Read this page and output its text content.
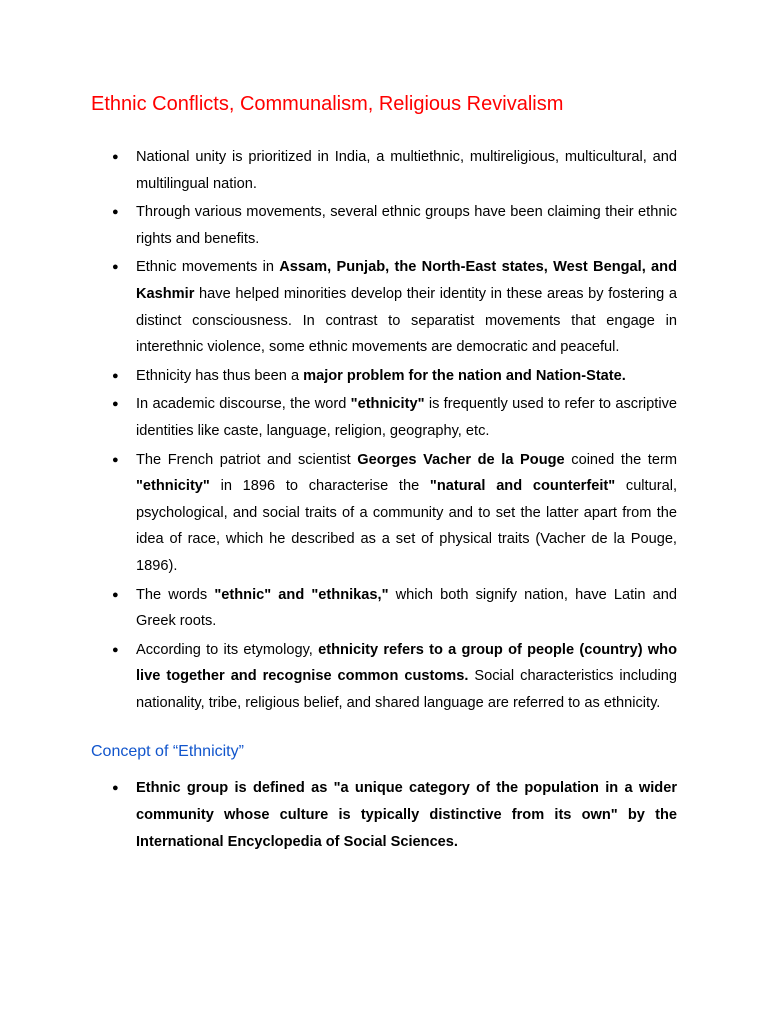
Ethnic Conflicts, Communalism, Religious Revivalism
● National unity is prioritized in India, a multiethnic, multireligious, multicultural, and multilingual nation.
● Through various movements, several ethnic groups have been claiming their ethnic rights and benefits.
● Ethnic movements in Assam, Punjab, the North-East states, West Bengal, and Kashmir have helped minorities develop their identity in these areas by fostering a distinct consciousness. In contrast to separatist movements that engage in interethnic violence, some ethnic movements are democratic and peaceful.
● Ethnicity has thus been a major problem for the nation and Nation-State.
● In academic discourse, the word "ethnicity" is frequently used to refer to ascriptive identities like caste, language, religion, geography, etc.
● The French patriot and scientist Georges Vacher de la Pouge coined the term "ethnicity" in 1896 to characterise the "natural and counterfeit" cultural, psychological, and social traits of a community and to set the latter apart from the idea of race, which he described as a set of physical traits (Vacher de la Pouge, 1896).
● The words "ethnic" and "ethnikas," which both signify nation, have Latin and Greek roots.
● According to its etymology, ethnicity refers to a group of people (country) who live together and recognise common customs. Social characteristics including nationality, tribe, religious belief, and shared language are referred to as ethnicity.
Concept of “Ethnicity”
● Ethnic group is defined as "a unique category of the population in a wider community whose culture is typically distinctive from its own" by the International Encyclopedia of Social Sciences.
